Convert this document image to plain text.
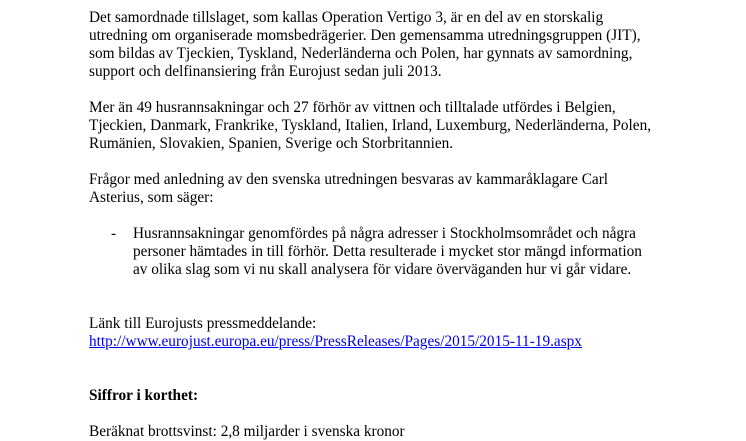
Det samordnade tillslaget, som kallas Operation Vertigo 3, är en del av en storskalig
utredning om organiserade momsbedrägerier. Den gemensamma utredningsgruppen (JIT),
som bildas av Tjeckien, Tyskland, Nederländerna och Polen, har gynnats av samordning,
support och delfinansiering från Eurojust sedan juli 2013.

Mer än 49 husrannsakningar och 27 förhör av vittnen och tilltalade utfördes i Belgien,
Tjeckien, Danmark, Frankrike, Tyskland, Italien, Irland, Luxemburg, Nederländerna, Polen,
Rumänien, Slovakien, Spanien, Sverige och Storbritannien.

Frågor med anledning av den svenska utredningen besvaras av kammaråklagare Carl
Asterius, som säger:

- Husrannsakningar genomfördes på några adresser i Stockholmsområdet och några
personer hämtades in till förhör. Detta resulterade i mycket stor mängd information
av olika slag som vi nu skall analysera för vidare överväganden hur vi går vidare.

Länk till Eurojusts pressmeddelande:

http://www.eurojust.europa.eu/press/PressReleases/Pages/2015/2015-11-19.aspx

Siffror i korthet:

Beräknat brottsvinst: 2,8 miljarder i svenska kronor
